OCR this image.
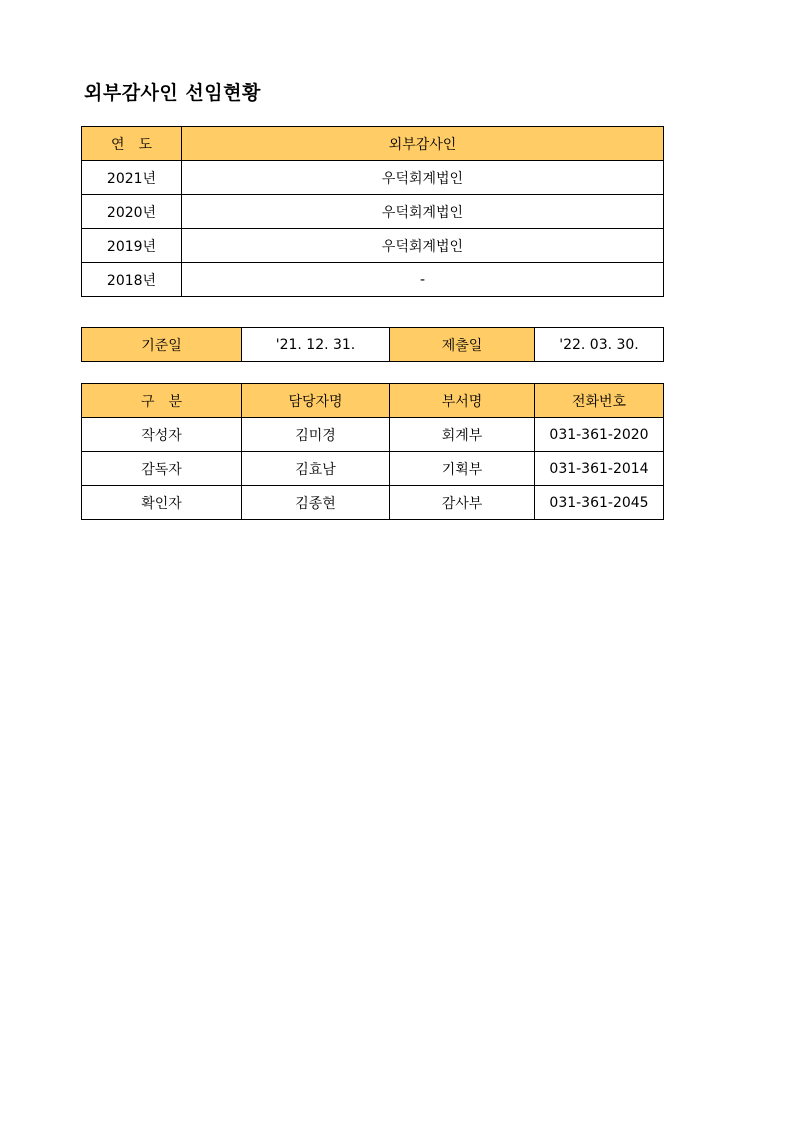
외부감사인 선임현황
연　도	외부감사인
2021년	우덕회계법인
2020년	우덕회계법인
2019년	우덕회계법인
2018년	-
기준일	'21. 12. 31.	제출일	'22. 03. 30.
구　분	담당자명	부서명	전화번호
작성자	김미경	회계부	031-361-2020
감독자	김효남	기획부	031-361-2014
확인자	김종현	감사부	031-361-2045
